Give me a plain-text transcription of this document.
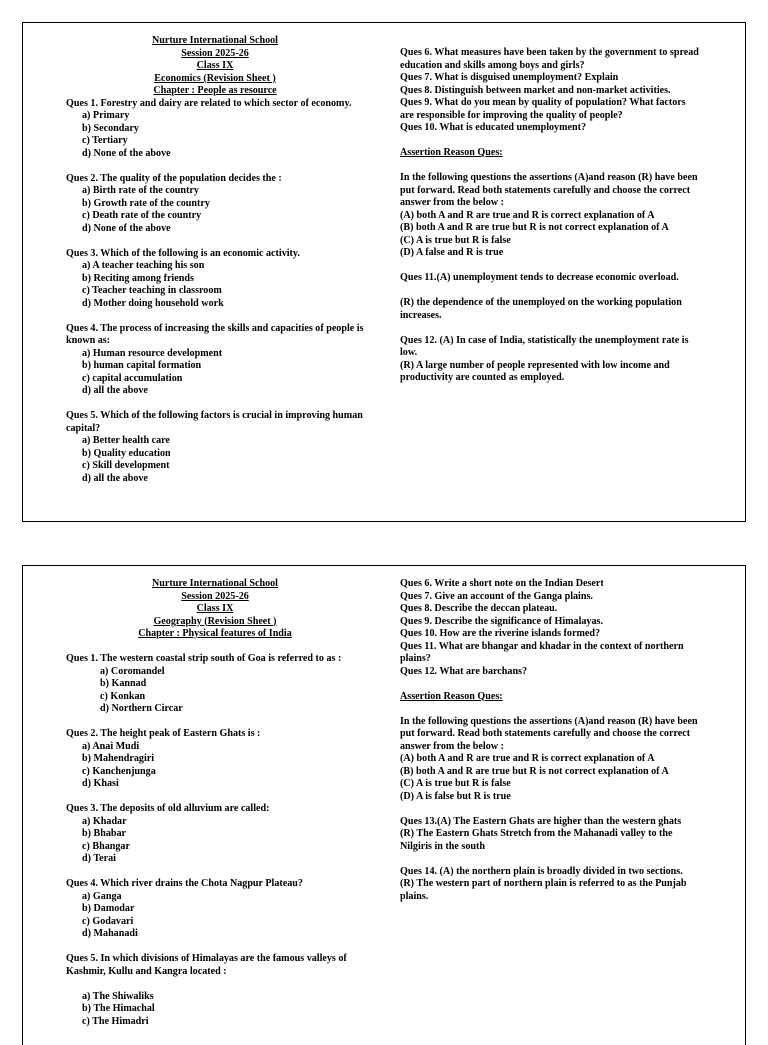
Nurture International School
Session 2025-26
Class IX
Economics (Revision Sheet )
Chapter : People as resource

Ques 1. Forestry and dairy are related to which sector of economy.

a) Primary
b) Secondary
c) Tertiary
d) None of the above

Ques 2. The quality of the population decides the :

a) Birth rate of the country
b) Growth rate of the country
c) Death rate of the country
d) None of the above

Ques 3. Which of the following is an economic activity.

a) A teacher teaching his son
b) Reciting among friends
c) Teacher teaching in classroom
d) Mother doing household work

Ques 4. The process of increasing the skills and capacities of people is known as:

a) Human resource development
b) human capital formation
c) capital accumulation
d) all the above

Ques 5. Which of the following factors is crucial in improving human capital?

a) Better health care
b) Quality education
c) Skill development
d) all the above

Ques 6. What measures have been taken by the government to spread education and skills among boys and girls?

Ques 7. What is disguised unemployment? Explain

Ques 8. Distinguish between market and non-market activities.

Ques 9. What do you mean by quality of population? What factors are responsible for improving the quality of people?

Ques 10. What is educated unemployment?

Assertion Reason Ques:

In the following questions the assertions (A)and reason (R) have been put forward. Read both statements carefully and choose the correct answer from the below :

(A) both A and R are true and R is correct explanation of A

(B) both A and R are true but R is not correct explanation of A

(C) A is true but R is false

(D) A false and R is true

Ques 11.(A) unemployment tends to decrease economic overload.

(R) the dependence of the unemployed on the working population increases.

Ques 12. (A) In case of India, statistically the unemployment rate is low.

(R) A large number of people represented with low income and productivity are counted as employed.

Nurture International School
Session 2025-26
Class IX
Geography (Revision Sheet )
Chapter : Physical features of India

Ques 1. The western coastal strip south of Goa is referred to as :

a) Coromandel
b) Kannad
c) Konkan
d) Northern Circar

Ques 2. The height peak of Eastern Ghats is :

a) Anai Mudi
b) Mahendragiri
c) Kanchenjunga
d) Khasi

Ques 3. The deposits of old alluvium are called:

a) Khadar
b) Bhabar
c) Bhangar
d) Terai

Ques 4. Which river drains the Chota Nagpur Plateau?

a) Ganga
b) Damodar
c) Godavari
d) Mahanadi

Ques 5. In which divisions of Himalayas are the famous valleys of Kashmir, Kullu and Kangra located :

a) The Shiwaliks
b) The Himachal
c) The Himadri

Ques 6. Write a short note on the Indian Desert

Ques 7. Give an account of the Ganga plains.

Ques 8. Describe the deccan plateau.

Ques 9. Describe the significance of Himalayas.

Ques 10. How are the riverine islands formed?

Ques 11. What are bhangar and khadar in the context of northern plains?

Ques 12. What are barchans?

Assertion Reason Ques:

In the following questions the assertions (A)and reason (R) have been put forward. Read both statements carefully and choose the correct answer from the below :

(A) both A and R are true and R is correct explanation of A

(B) both A and R are true but R is not correct explanation of A

(C) A is true but R is false

(D) A is false but R is true

Ques 13.(A) The Eastern Ghats are higher than the western ghats

(R) The Eastern Ghats Stretch from the Mahanadi valley to the Nilgiris in the south

Ques 14. (A) the northern plain is broadly divided in two sections.

(R) The western part of northern plain is referred to as the Punjab plains.
